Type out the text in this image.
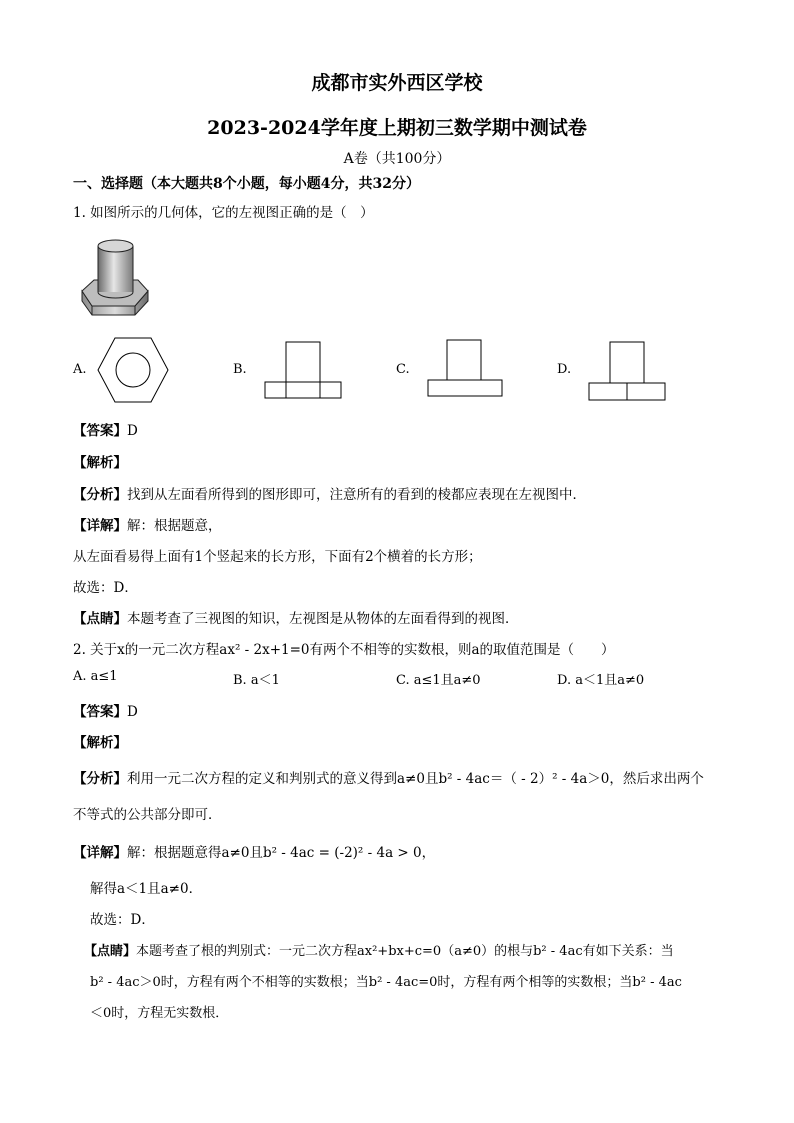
成都市实外西区学校
2023-2024学年度上期初三数学期中测试卷
A卷（共100分）
一、选择题（本大题共8个小题，每小题4分，共32分）
1. 如图所示的几何体，它的左视图正确的是（　）
A.	B.	C.	D.
【答案】D
【解析】
【分析】找到从左面看所得到的图形即可，注意所有的看到的棱都应表现在左视图中．
【详解】解：根据题意，
从左面看易得上面有1个竖起来的长方形，下面有2个横着的长方形；
故选：D．
【点睛】本题考查了三视图的知识，左视图是从物体的左面看得到的视图．
2. 关于x的一元二次方程ax² - 2x+1=0有两个不相等的实数根，则a的取值范围是（　　）
A. a≤1	B. a＜1	C. a≤1且a≠0	D. a＜1且a≠0
【答案】D
【解析】
【分析】利用一元二次方程的定义和判别式的意义得到a≠0且b² - 4ac＝（ - 2）² - 4a＞0，然后求出两个
不等式的公共部分即可．
【详解】解：根据题意得a≠0且b² - 4ac = (-2)² - 4a > 0，
解得a＜1且a≠0．
故选：D．
【点睛】本题考查了根的判别式：一元二次方程ax²+bx+c=0（a≠0）的根与b² - 4ac有如下关系：当
b² - 4ac＞0时，方程有两个不相等的实数根；当b² - 4ac=0时，方程有两个相等的实数根；当b² - 4ac
＜0时，方程无实数根．
